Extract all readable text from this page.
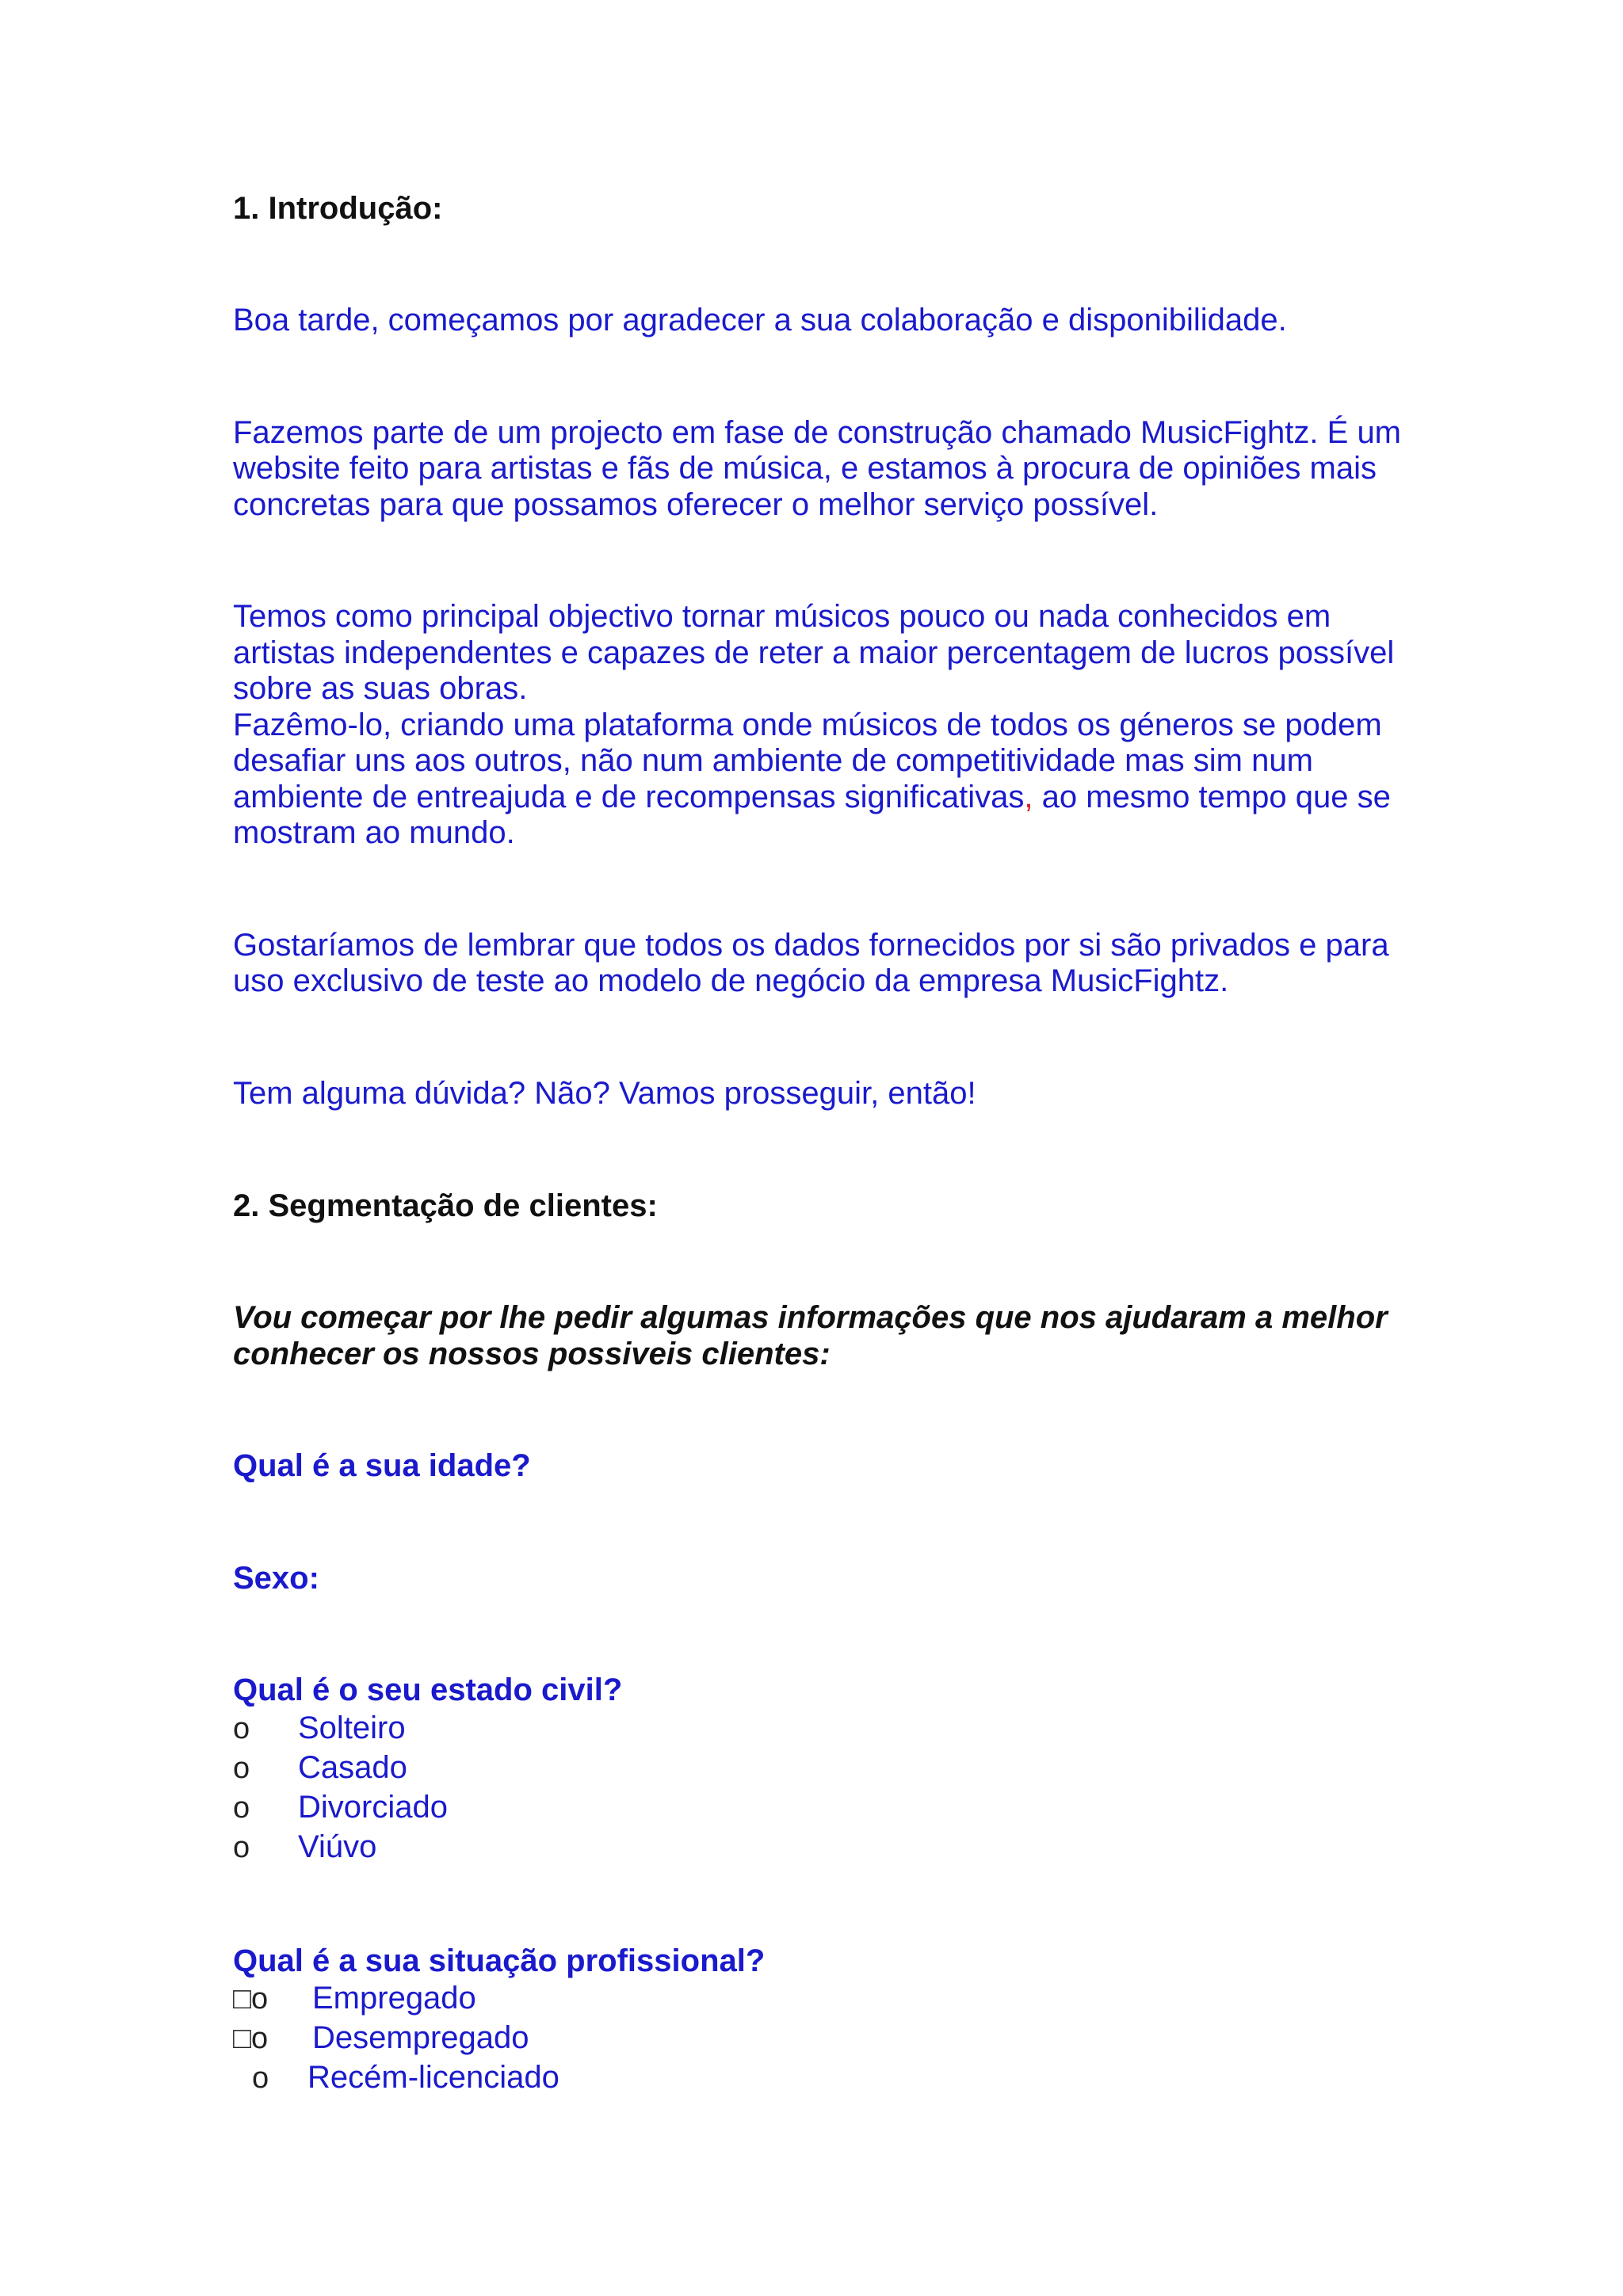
1. Introdução:

Boa tarde, começamos por agradecer a sua colaboração e disponibilidade.

Fazemos parte de um projecto em fase de construção chamado MusicFightz. É um website feito para artistas e fãs de música, e estamos à procura de opiniões mais concretas para que possamos oferecer o melhor serviço possível.

Temos como principal objectivo tornar músicos pouco ou nada conhecidos em artistas independentes e capazes de reter a maior percentagem de lucros possível sobre as suas obras.

Fazêmo-lo, criando uma plataforma onde músicos de todos os géneros se podem desafiar uns aos outros, não num ambiente de competitividade mas sim num ambiente de entreajuda e de recompensas significativas, ao mesmo tempo que se mostram ao mundo.

Gostaríamos de lembrar que todos os dados fornecidos por si são privados e para uso exclusivo de teste ao modelo de negócio da empresa MusicFightz.

Tem alguma dúvida? Não? Vamos prosseguir, então!

2. Segmentação de clientes:

Vou começar por lhe pedir algumas informações que nos ajudaram a melhor conhecer os nossos possiveis clientes:

Qual é a sua idade?

Sexo:

Qual é o seu estado civil?

o	Solteiro
o	Casado
o	Divorciado
o	Viúvo

Qual é a sua situação profissional?

□o	Empregado
□o	Desempregado
o	Recém-licenciado
